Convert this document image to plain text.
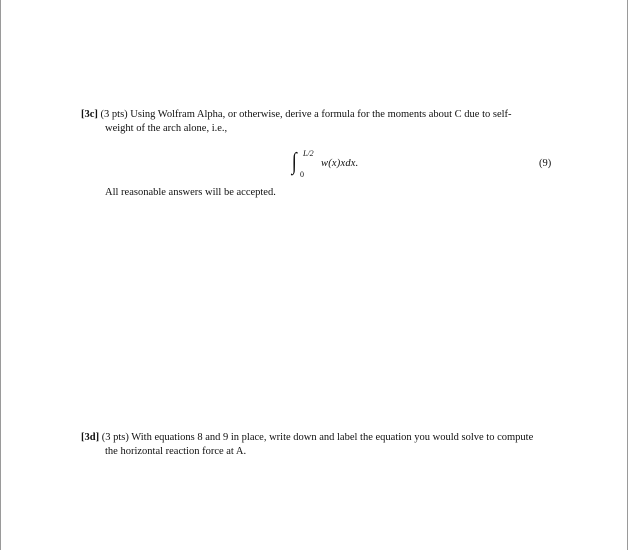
[3c] (3 pts) Using Wolfram Alpha, or otherwise, derive a formula for the moments about C due to self-
weight of the arch alone, i.e.,
∫ L/2
0
w(x)xdx.	(9)
All reasonable answers will be accepted.
[3d] (3 pts) With equations 8 and 9 in place, write down and label the equation you would solve to compute
the horizontal reaction force at A.
